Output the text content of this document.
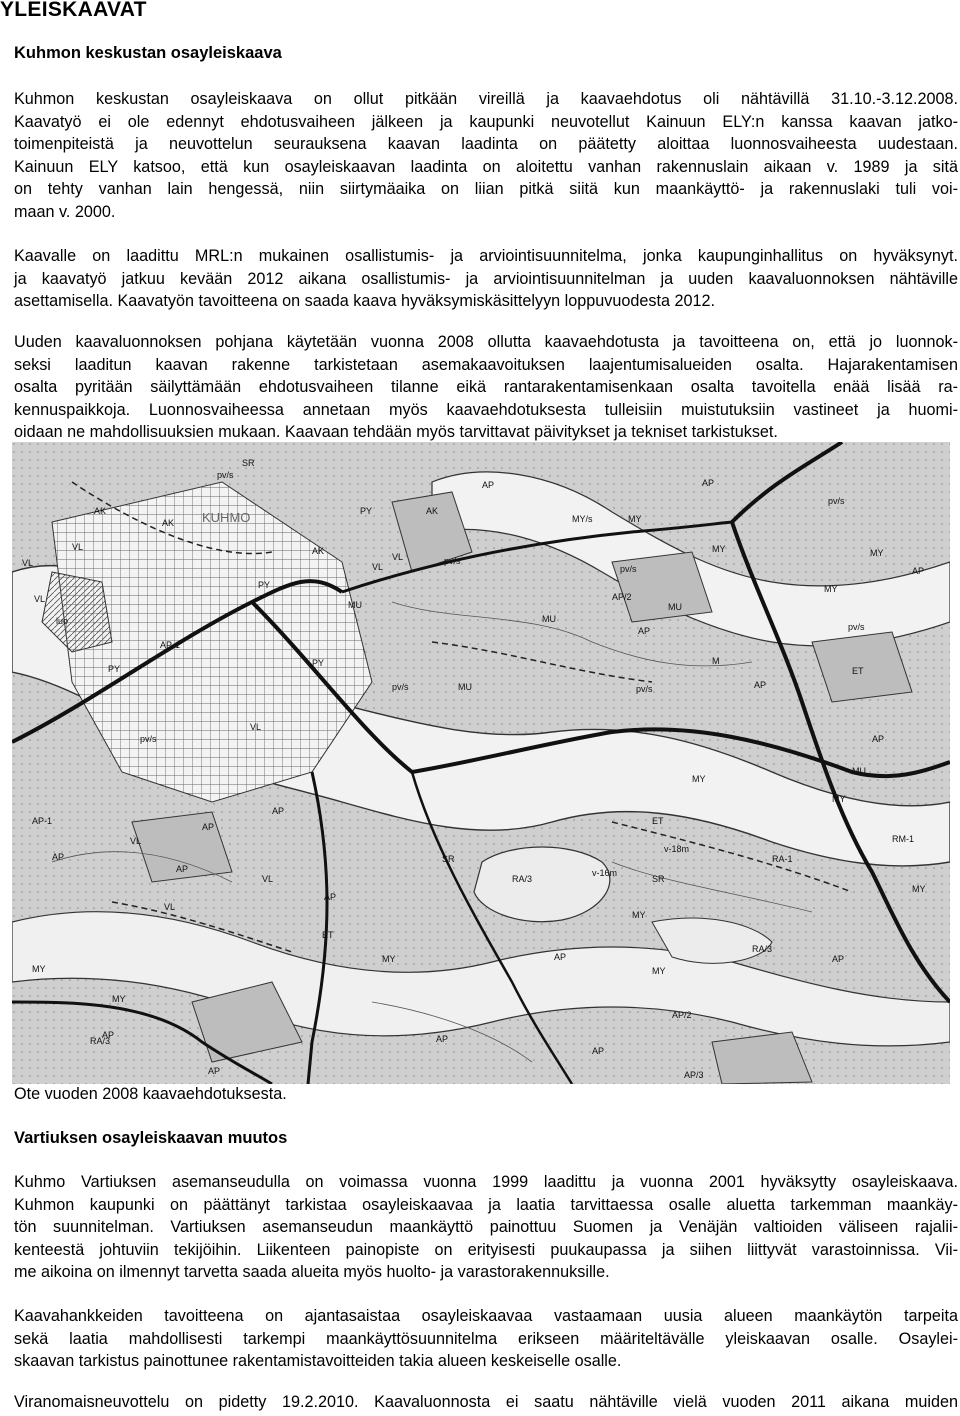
YLEISKAAVAT
Kuhmon keskustan osayleiskaava

Kuhmon keskustan osayleiskaava on ollut pitkään vireillä ja kaavaehdotus oli nähtävillä 31.10.-3.12.2008.
Kaavatyö ei ole edennyt ehdotusvaiheen jälkeen ja kaupunki neuvotellut Kainuun ELY:n kanssa kaavan jatko-
toimenpiteistä ja neuvottelun seurauksena kaavan laadinta on päätetty aloittaa luonnosvaiheesta uudestaan.
Kainuun ELY katsoo, että kun osayleiskaavan laadinta on aloitettu vanhan rakennuslain aikaan v. 1989 ja sitä
on tehty vanhan lain hengessä, niin siirtymäaika on liian pitkä siitä kun maankäyttö- ja rakennuslaki tuli voi-
maan v. 2000.

Kaavalle on laadittu MRL:n mukainen osallistumis- ja arviointisuunnitelma, jonka kaupunginhallitus on hyväksynyt.
ja kaavatyö jatkuu kevään 2012 aikana osallistumis- ja arviointisuunnitelman ja uuden kaavaluonnoksen nähtäville
asettamisella. Kaavatyön tavoitteena on saada kaava hyväksymiskäsittelyyn loppuvuodesta 2012.

Uuden kaavaluonnoksen pohjana käytetään vuonna 2008 ollutta kaavaehdotusta ja tavoitteena on, että jo luonnok-
seksi laaditun kaavan rakenne tarkistetaan asemakaavoituksen laajentumisalueiden osalta. Hajarakentamisen
osalta pyritään säilyttämään ehdotusvaiheen tilanne eikä rantarakentamisenkaan osalta tavoitella enää lisää ra-
kennuspaikkoja. Luonnosvaiheessa annetaan myös kaavaehdotuksesta tulleisiin muistutuksiin vastineet ja huomi-
oidaan ne mahdollisuuksien mukaan. Kaavaan tehdään myös tarvittavat päivitykset ja tekniset tarkistukset.

KUHMO
pv/s
pv/s
pv/s
pv/s
pv/s
pv/s	pv/s
pv/s
AK
AK
AK
AK
VL
VL
VL
VL
VL
VL
VL
VL
VL
PY
PY
PY
PY
luo
AP	AP
AP
AP
AP
AP
AP
AP
AP
AP
AP
AP
AP
AP
AP
AP
AP
AP-1
AP-1
AP/2
AP/2
AP/3
MY
MY	MY
MY
MY
MY
MY
MY
MY
MY
MY
MY
MY/s
MU
MU
MU
MU
MU
ET
ET
ET
RA-1
RM-1
RA/3
RA/3
RA/3
SR
SR
SR
v-16m
v-18m
M
Ote vuoden 2008 kaavaehdotuksesta.
Vartiuksen osayleiskaavan muutos

Kuhmo Vartiuksen asemanseudulla on voimassa vuonna 1999 laadittu ja vuonna 2001 hyväksytty osayleiskaava.
Kuhmon kaupunki on päättänyt tarkistaa osayleiskaavaa ja laatia tarvittaessa osalle aluetta tarkemman maankäy-
tön suunnitelman. Vartiuksen asemanseudun maankäyttö painottuu Suomen ja Venäjän valtioiden väliseen rajalii-
kenteestä johtuviin tekijöihin. Liikenteen painopiste on erityisesti puukaupassa ja siihen liittyvät varastoinnissa. Vii-
me aikoina on ilmennyt tarvetta saada alueita myös huolto- ja varastorakennuksille.

Kaavahankkeiden tavoitteena on ajantasaistaa osayleiskaavaa vastaamaan uusia alueen maankäytön tarpeita
sekä laatia mahdollisesti tarkempi maankäyttösuunnitelma erikseen määriteltävälle yleiskaavan osalle. Osaylei-
skaavan tarkistus painottunee rakentamistavoitteiden takia alueen keskeiselle osalle.

Viranomaisneuvottelu on pidetty 19.2.2010. Kaavaluonnosta ei saatu nähtäville vielä vuoden 2011 aikana muiden
